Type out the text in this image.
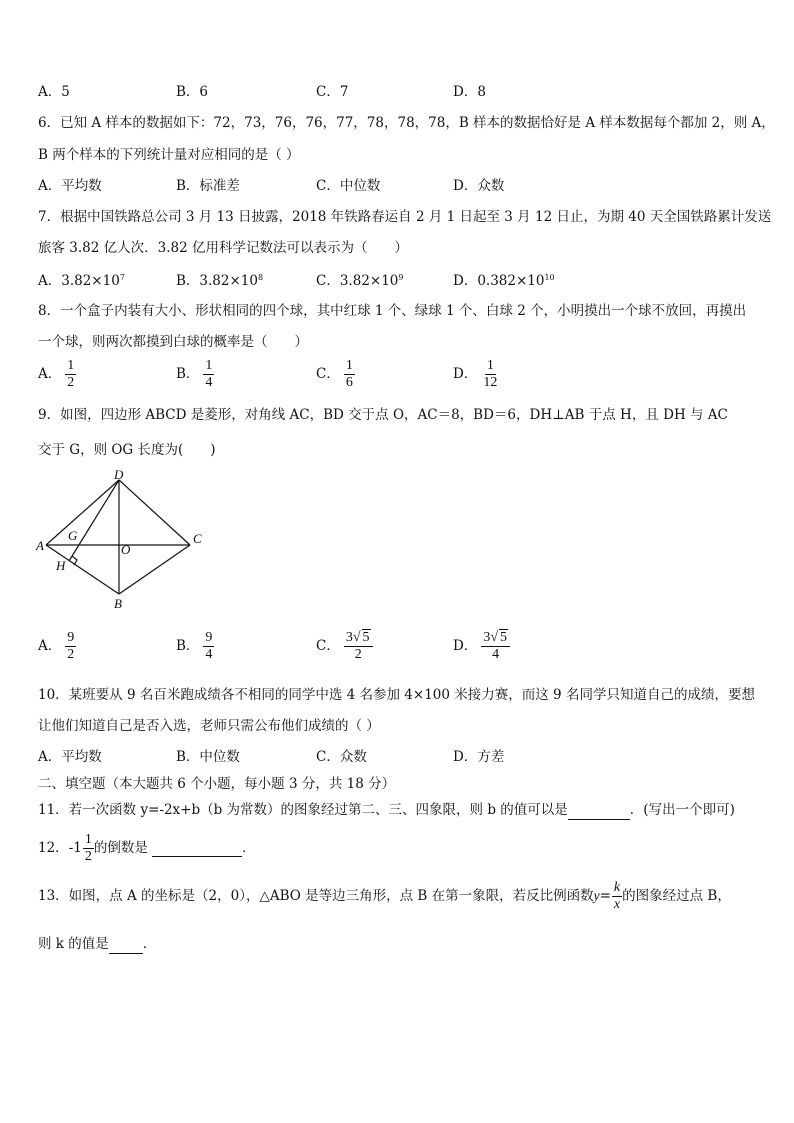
A．5	B．6	C．7	D．8
6．已知 A 样本的数据如下：72，73，76，76，77，78，78，78，B 样本的数据恰好是 A 样本数据每个都加 2，则 A，
B 两个样本的下列统计量对应相同的是（ ）
A．平均数	B．标准差	C．中位数	D．众数
7．根据中国铁路总公司 3 月 13 日披露，2018 年铁路春运自 2 月 1 日起至 3 月 12 日止，为期 40 天全国铁路累计发送
旅客 3.82 亿人次．3.82 亿用科学记数法可以表示为（　　）
A．$3.82\times 10^7$	B．$3.82\times 10^8$	C．$3.82\times 10^9$	D．$0.382\times 10^{10}$
8．一个盒子内装有大小、形状相同的四个球，其中红球 1 个、绿球 1 个、白球 2 个，小明摸出一个球不放回，再摸出
一个球，则两次都摸到白球的概率是（　　）
A． $\frac{1}{2}$	B． $\frac{1}{4}$	C． $\frac{1}{6}$	D． $\frac{1}{12}$
9．如图，四边形 ABCD 是菱形，对角线 AC，BD 交于点 O，AC＝8，BD＝6，DH⊥AB 于点 H，且 DH 与 AC
交于 G，则 OG 长度为(　　)
D
A
G
O
C
H
B
A． $\frac{9}{2}$	B． $\frac{9}{4}$	C． $\frac{3√ 5}{2}$	D． $\frac{3√ 5}{4}$
10．某班要从 9 名百米跑成绩各不相同的同学中选 4 名参加 4×100 米接力赛，而这 9 名同学只知道自己的成绩，要想
让他们知道自己是否入选，老师只需公布他们成绩的（ ）
A．平均数	B．中位数	C．众数	D．方差
二、填空题（本大题共 6 个小题，每小题 3 分，共 18 分）
11．若一次函数 y=-2x+b（b 为常数）的图象经过第二、三、四象限，则 b 的值可以是	．(写出一个即可)
12．$-1 \frac{1}{2}$ 的倒数是	．
13．如图，点 A 的坐标是（2，0），△ABO 是等边三角形，点 B 在第一象限，若反比例函数$y= \frac{k}{x}$ 的图象经过点 B，
则 k 的值是	．
